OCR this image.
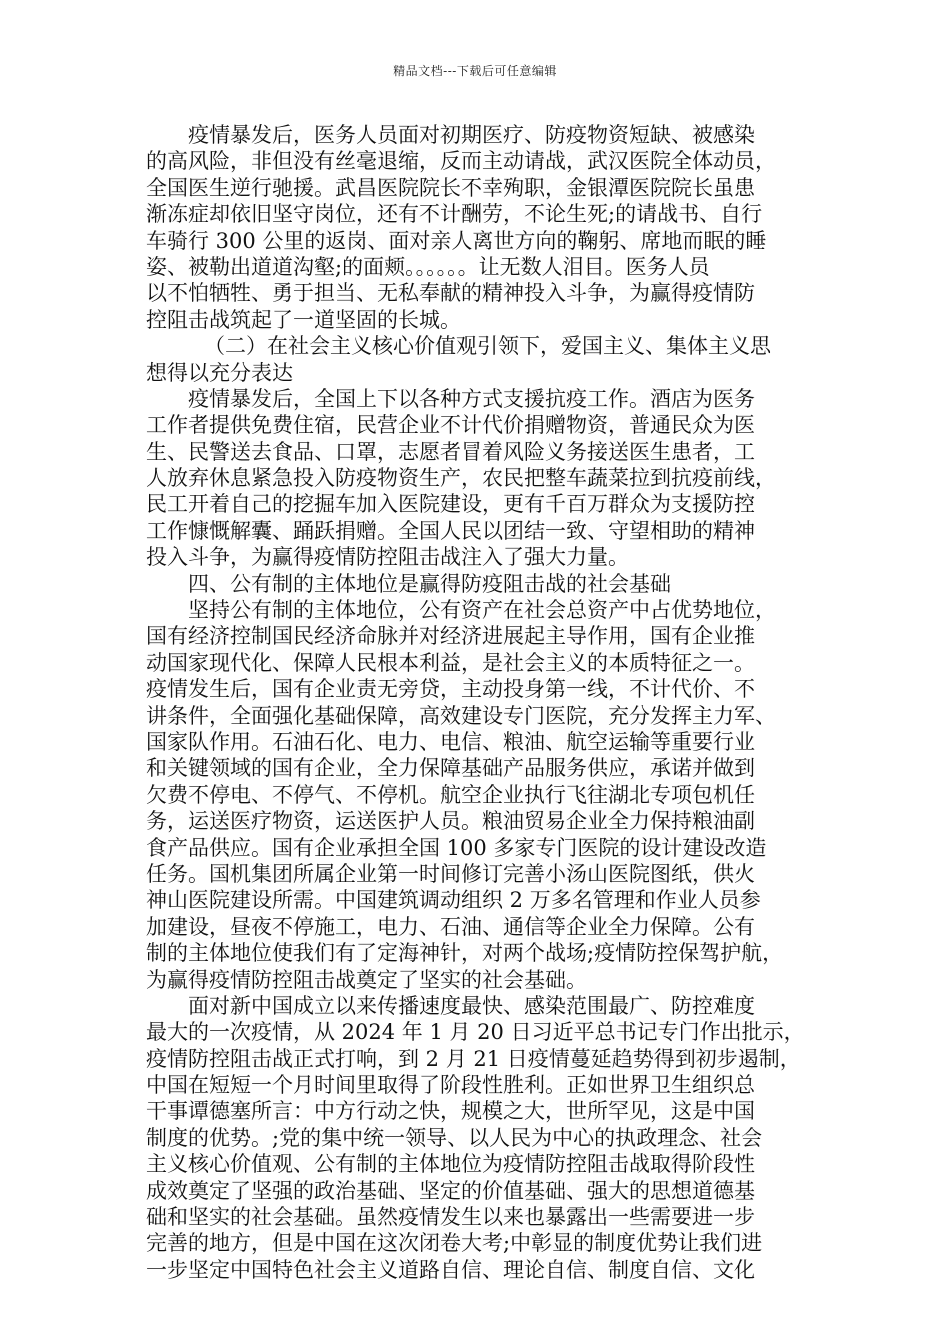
精品文档---下载后可任意编辑
疫情暴发后，医务人员面对初期医疗、防疫物资短缺、被感染
的高风险，非但没有丝毫退缩，反而主动请战，武汉医院全体动员，
全国医生逆行驰援。武昌医院院长不幸殉职，金银潭医院院长虽患
渐冻症却依旧坚守岗位，还有不计酬劳，不论生死;的请战书、自行
车骑行 300 公里的返岗、面对亲人离世方向的鞠躬、席地而眠的睡
姿、被勒出道道沟壑;的面颊。。。。。。让无数人泪目。医务人员
以不怕牺牲、勇于担当、无私奉献的精神投入斗争，为赢得疫情防
控阻击战筑起了一道坚固的长城。
（二）在社会主义核心价值观引领下，爱国主义、集体主义思
想得以充分表达
疫情暴发后，全国上下以各种方式支援抗疫工作。酒店为医务
工作者提供免费住宿，民营企业不计代价捐赠物资，普通民众为医
生、民警送去食品、口罩，志愿者冒着风险义务接送医生患者，工
人放弃休息紧急投入防疫物资生产，农民把整车蔬菜拉到抗疫前线，
民工开着自己的挖掘车加入医院建设，更有千百万群众为支援防控
工作慷慨解囊、踊跃捐赠。全国人民以团结一致、守望相助的精神
投入斗争，为赢得疫情防控阻击战注入了强大力量。
四、公有制的主体地位是赢得防疫阻击战的社会基础
坚持公有制的主体地位，公有资产在社会总资产中占优势地位，
国有经济控制国民经济命脉并对经济进展起主导作用，国有企业推
动国家现代化、保障人民根本利益，是社会主义的本质特征之一。
疫情发生后，国有企业责无旁贷，主动投身第一线，不计代价、不
讲条件，全面强化基础保障，高效建设专门医院，充分发挥主力军、
国家队作用。石油石化、电力、电信、粮油、航空运输等重要行业
和关键领域的国有企业，全力保障基础产品服务供应，承诺并做到
欠费不停电、不停气、不停机。航空企业执行飞往湖北专项包机任
务，运送医疗物资，运送医护人员。粮油贸易企业全力保持粮油副
食产品供应。国有企业承担全国 100 多家专门医院的设计建设改造
任务。国机集团所属企业第一时间修订完善小汤山医院图纸，供火
神山医院建设所需。中国建筑调动组织 2 万多名管理和作业人员参
加建设，昼夜不停施工，电力、石油、通信等企业全力保障。公有
制的主体地位使我们有了定海神针，对两个战场;疫情防控保驾护航，
为赢得疫情防控阻击战奠定了坚实的社会基础。
面对新中国成立以来传播速度最快、感染范围最广、防控难度
最大的一次疫情，从 2024 年 1 月 20 日习近平总书记专门作出批示，
疫情防控阻击战正式打响，到 2 月 21 日疫情蔓延趋势得到初步遏制，
中国在短短一个月时间里取得了阶段性胜利。正如世界卫生组织总
干事谭德塞所言：中方行动之快，规模之大，世所罕见，这是中国
制度的优势。;党的集中统一领导、以人民为中心的执政理念、社会
主义核心价值观、公有制的主体地位为疫情防控阻击战取得阶段性
成效奠定了坚强的政治基础、坚定的价值基础、强大的思想道德基
础和坚实的社会基础。虽然疫情发生以来也暴露出一些需要进一步
完善的地方，但是中国在这次闭卷大考;中彰显的制度优势让我们进
一步坚定中国特色社会主义道路自信、理论自信、制度自信、文化
